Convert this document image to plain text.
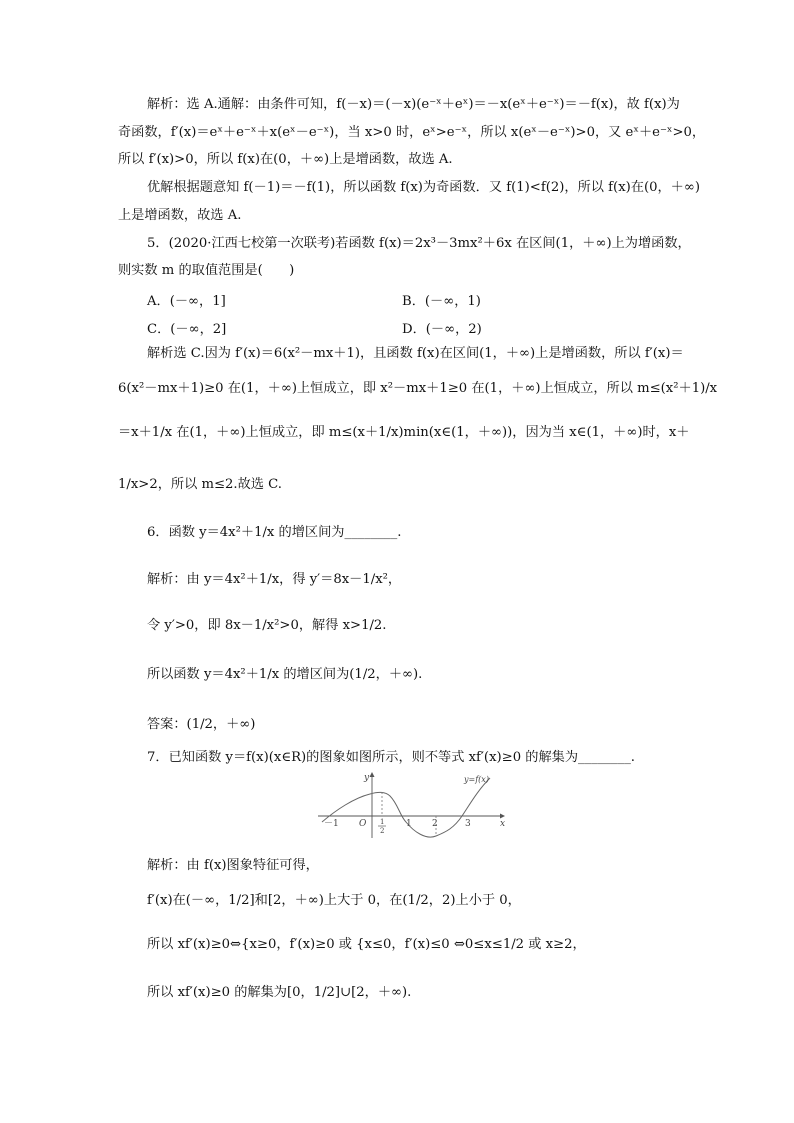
解析：选 A.通解：由条件可知，f(－x)＝(－x)(e⁻ˣ＋eˣ)＝－x(eˣ＋e⁻ˣ)＝－f(x)，故 f(x)为
奇函数，f′(x)＝eˣ＋e⁻ˣ＋x(eˣ－e⁻ˣ)，当 x>0 时，eˣ>e⁻ˣ，所以 x(eˣ－e⁻ˣ)>0，又 eˣ＋e⁻ˣ>0，
所以 f′(x)>0，所以 f(x)在(0，＋∞)上是增函数，故选 A.
优解根据题意知 f(－1)＝－f(1)，所以函数 f(x)为奇函数．又 f(1)<f(2)，所以 f(x)在(0，＋∞)
上是增函数，故选 A.
5．(2020·江西七校第一次联考)若函数 f(x)＝2x³－3mx²＋6x 在区间(1，＋∞)上为增函数，
则实数 m 的取值范围是(　　)
A．(－∞，1]	B．(－∞，1)
C．(－∞，2]	D．(－∞，2)
解析选 C.因为 f′(x)＝6(x²－mx＋1)，且函数 f(x)在区间(1，＋∞)上是增函数，所以 f′(x)＝
6(x²－mx＋1)≥0 在(1，＋∞)上恒成立，即 x²－mx＋1≥0 在(1，＋∞)上恒成立，所以 m≤(x²＋1)/x
＝x＋1/x 在(1，＋∞)上恒成立，即 m≤(x＋1/x)min(x∈(1，＋∞))，因为当 x∈(1，＋∞)时，x＋
1/x>2，所以 m≤2.故选 C.
6．函数 y＝4x²＋1/x 的增区间为________.
解析：由 y＝4x²＋1/x，得 y′＝8x－1/x²，
令 y′>0，即 8x－1/x²>0，解得 x>1/2.
所以函数 y＝4x²＋1/x 的增区间为(1/2，＋∞).
答案：(1/2，＋∞)
7．已知函数 y＝f(x)(x∈R)的图象如图所示，则不等式 xf′(x)≥0 的解集为________.
y
x
O
y=f(x)
－1	1
2
1 2	3
解析：由 f(x)图象特征可得，
f′(x)在(－∞，1/2]和[2，＋∞)上大于 0，在(1/2，2)上小于 0，
所以 xf′(x)≥0⇔{x≥0，f′(x)≥0 或 {x≤0，f′(x)≤0 ⇔0≤x≤1/2 或 x≥2，
所以 xf′(x)≥0 的解集为[0，1/2]∪[2，＋∞).
